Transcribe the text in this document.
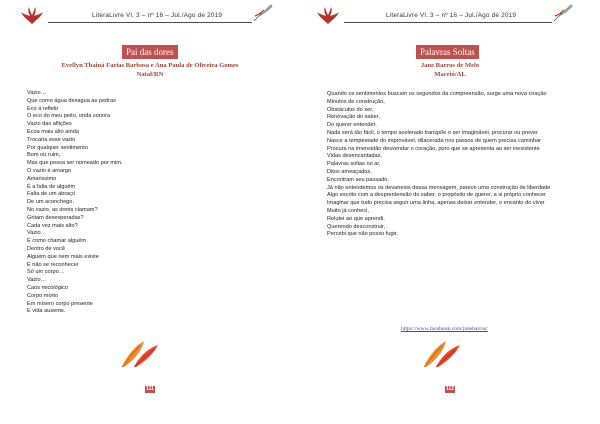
LiteraLivre Vl. 3 – nº 16 – Jul./Ago de 2019
Pai das dores
Evellyn Thainá Farias Barbosa e Ana Paula de Oliveira Gomes
Natal/RN
Vazio…
Que como água desagua as pedras
Eco a refletir
O eco do meu peito, onda sonora
Vazio das aflições
Ecoa mais alto ainda
Trocaria esse vazio
Por qualquer sentimento
Bom ou ruim,
Mas que possa ser nomeado por mim.
O vazio é amargo
Amarissimo
É a falta de alguém
Falta de um abraço
De um aconchego.
No vazio, as dores clamam?
Gritam desesperadas?
Cada vez mais alto?
Vazio…
É como chamar alguém
Dentro de você
Alguém que nem mais existe
É não se reconhecer
Só um corpo…
Vazio…
Caos micológico
Corpo morto
Em mísero corpo presente
E vida ausente.
111
LiteraLivre Vl. 3 – nº 16 – Jul./Ago de 2019
Palavras Soltas
Jane Barros de Melo
Maceió/AL
Quando os sentimentos buscam os segundos da compreensão, surge uma nova criação
Minutos de construção,
Obstáculos do ser,
Renovação do saber,
Do querer entender.
Nada será tão fácil, o tempo acelerado transpõe o ser imaginável, procurar ou prever
Nasce a tempestade do improvável, dilacerada nos passos de quem precisa caminhar
Procura na imensidão desvendar o coração, puro que se apresenta ao ser inexistente
Vidas desencantadas,
Palavras soltas no ar,
Ditos ameaçados,
Encontram seu passado.
Já não entendemos os devaneios dessa mensagem, parece uma construção de liberdade
Algo escrito com a desprentensão do saber, o propósito de querer, a si próprio conhecer
Imaginar que tudo precisa seguir uma linha, apenas deixar entender, o encanto do viver
Muito já conheci,
Relutei ao que aprendi,
Querendo desconstruir,
Percebi que não posso fugir.
https://www.facebook.com/janebarros/
112
